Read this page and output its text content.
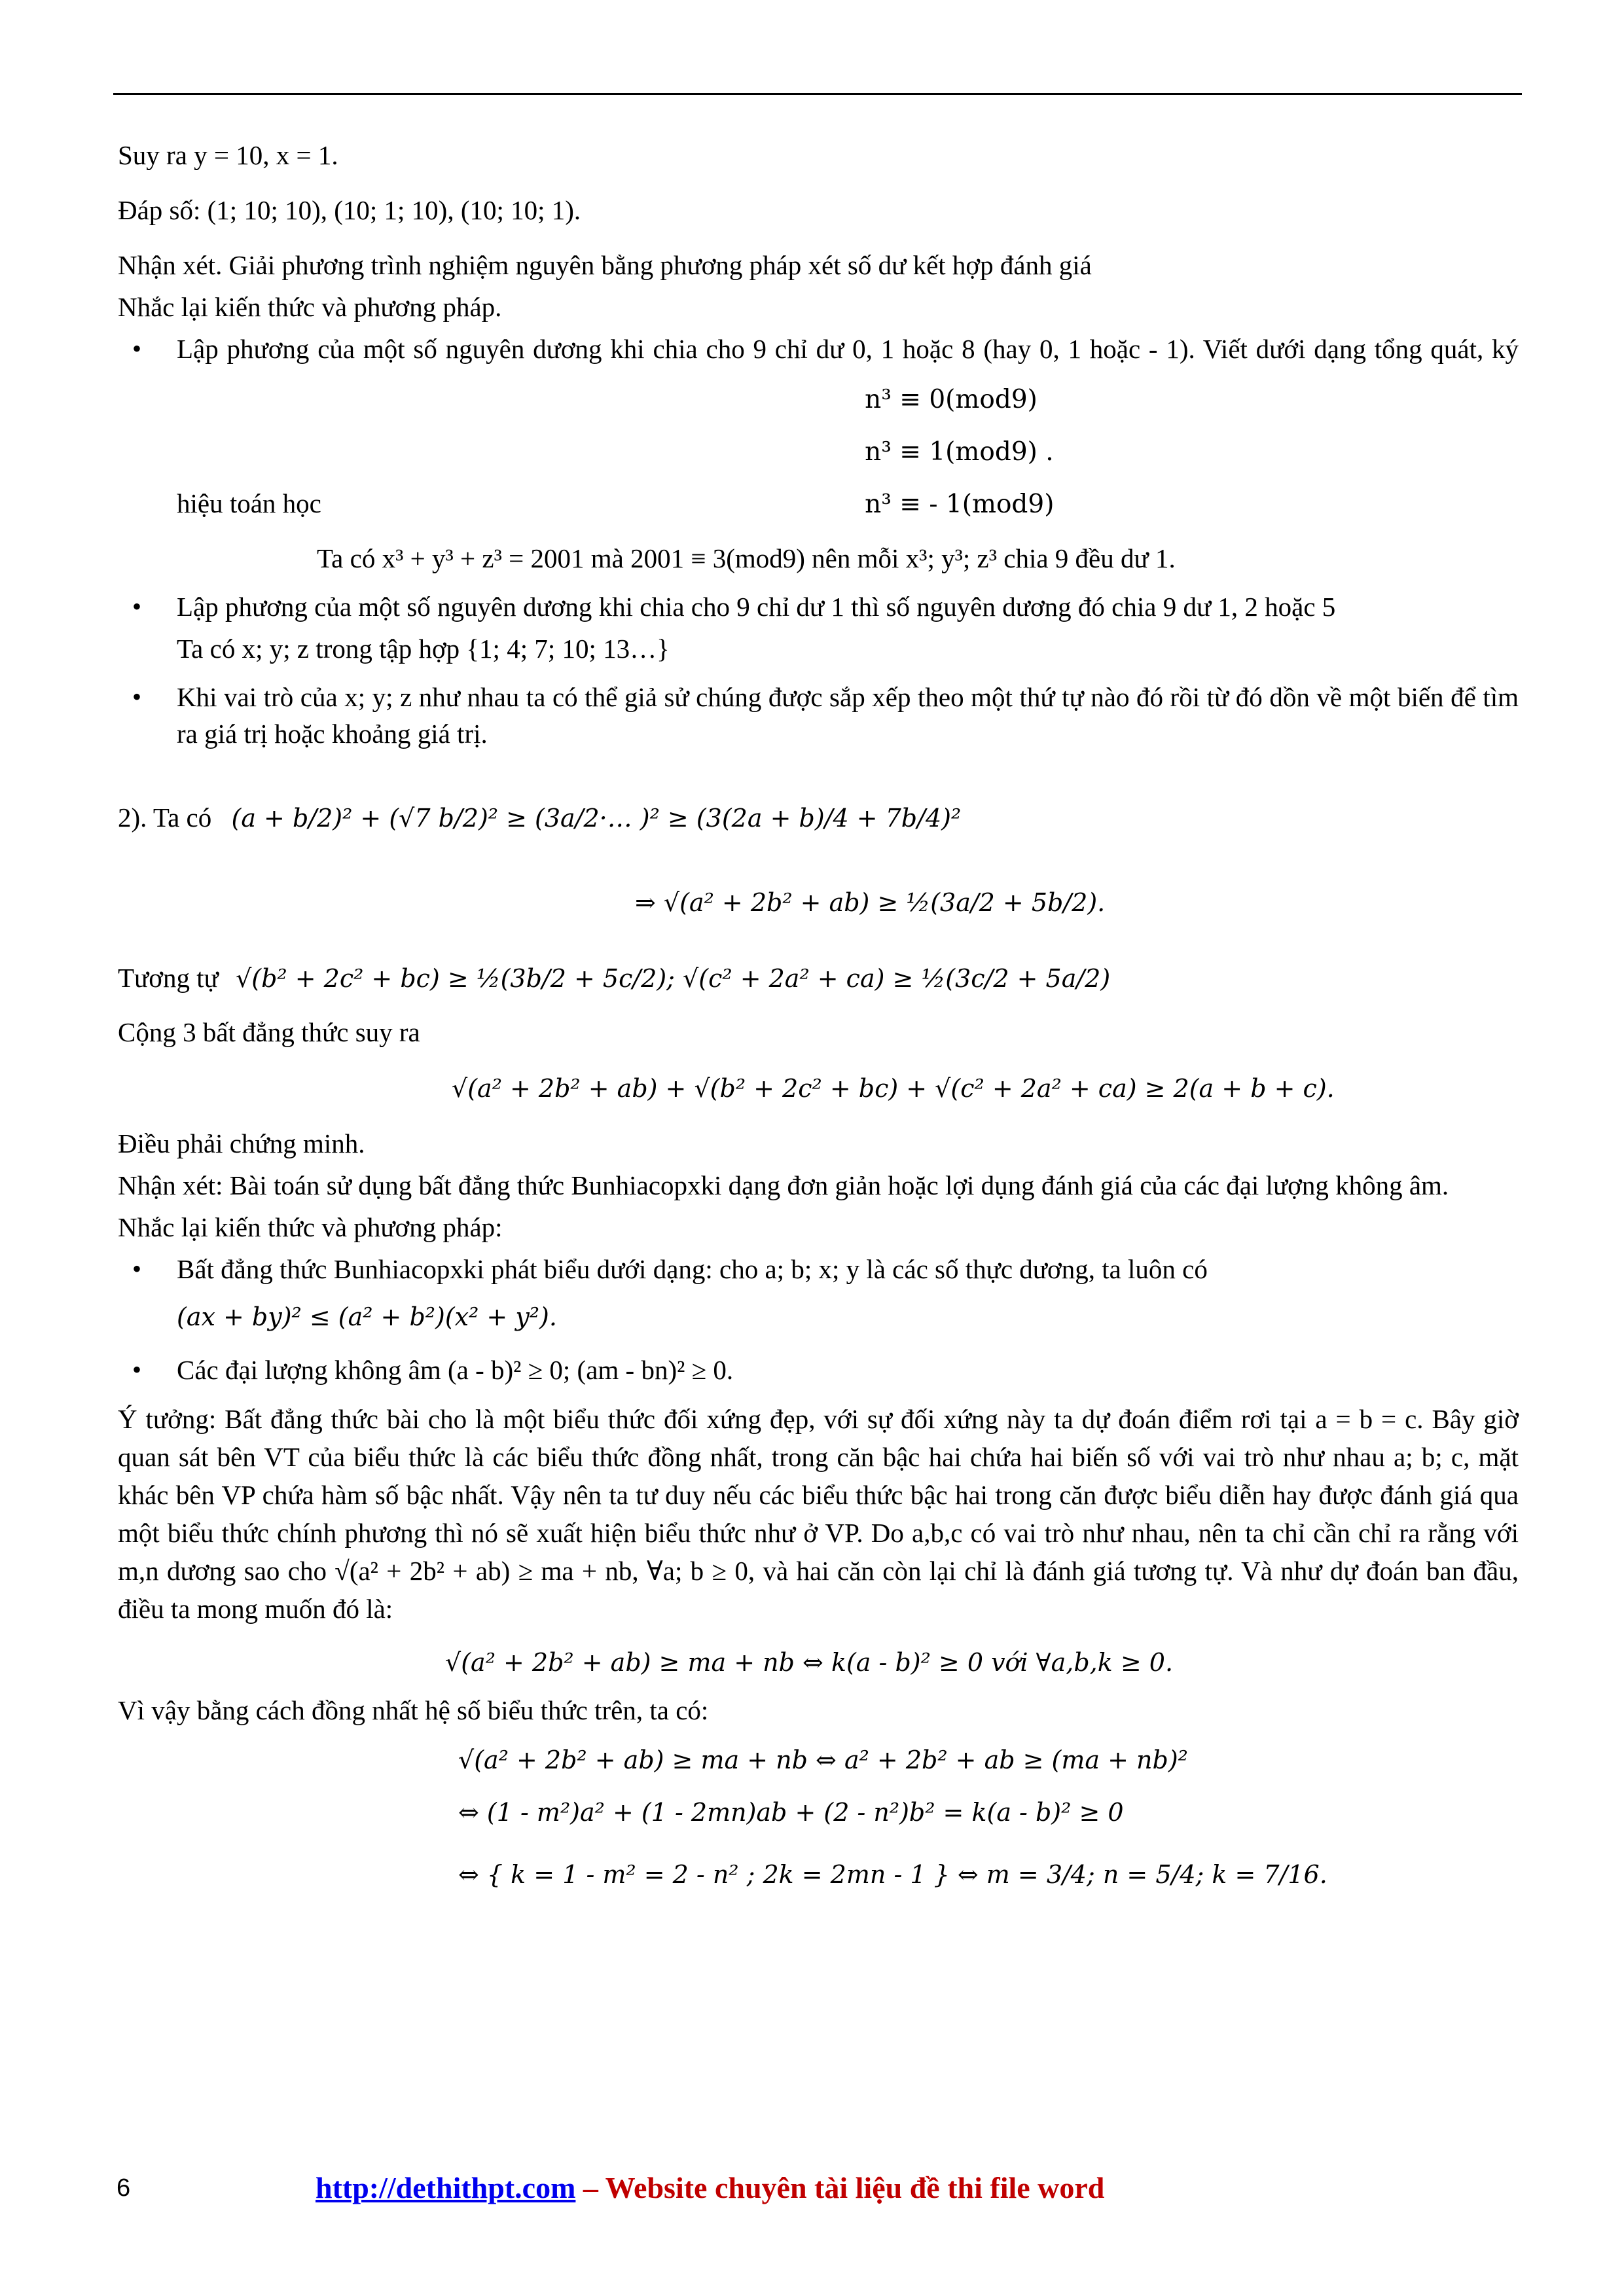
Suy ra y = 10, x = 1.

Đáp số: (1; 10; 10), (10; 1; 10), (10; 10; 1).

Nhận xét. Giải phương trình nghiệm nguyên bằng phương pháp xét số dư kết hợp đánh giá

Nhắc lại kiến thức và phương pháp.

• Lập phương của một số nguyên dương khi chia cho 9 chỉ dư 0, 1 hoặc 8 (hay 0, 1 hoặc - 1). Viết dưới dạng tổng quát, ký hiệu toán học
n³ ≡ 0(mod9)
n³ ≡ 1(mod9) .
n³ ≡ - 1(mod9)
Ta có x³ + y³ + z³ = 2001 mà 2001 ≡ 3(mod9) nên mỗi x³; y³; z³ chia 9 đều dư 1.
• Lập phương của một số nguyên dương khi chia cho 9 chỉ dư 1 thì số nguyên dương đó chia 9 dư 1, 2 hoặc 5
Ta có x; y; z trong tập hợp {1; 4; 7; 10; 13…}
• Khi vai trò của x; y; z như nhau ta có thể giả sử chúng được sắp xếp theo một thứ tự nào đó rồi từ đó dồn về một biến để tìm ra giá trị hoặc khoảng giá trị.
2). Ta có (a + b/2)² + (√7 b/2)² ≥ (3a/2·… )² ≥ (3(2a + b)/4 + 7b/4)²
⇒ √(a² + 2b² + ab) ≥ ½(3a/2 + 5b/2).
Tương tự √(b² + 2c² + bc) ≥ ½(3b/2 + 5c/2); √(c² + 2a² + ca) ≥ ½(3c/2 + 5a/2)

Cộng 3 bất đẳng thức suy ra

√(a² + 2b² + ab) + √(b² + 2c² + bc) + √(c² + 2a² + ca) ≥ 2(a + b + c).

Điều phải chứng minh.

Nhận xét: Bài toán sử dụng bất đẳng thức Bunhiacopxki dạng đơn giản hoặc lợi dụng đánh giá của các đại lượng không âm.

Nhắc lại kiến thức và phương pháp:

• Bất đẳng thức Bunhiacopxki phát biểu dưới dạng: cho a; b; x; y là các số thực dương, ta luôn có
(ax + by)² ≤ (a² + b²)(x² + y²).
• Các đại lượng không âm (a - b)² ≥ 0; (am - bn)² ≥ 0.

Ý tưởng: Bất đẳng thức bài cho là một biểu thức đối xứng đẹp, với sự đối xứng này ta dự đoán điểm rơi tại a = b = c. Bây giờ quan sát bên VT của biểu thức là các biểu thức đồng nhất, trong căn bậc hai chứa hai biến số với vai trò như nhau a; b; c, mặt khác bên VP chứa hàm số bậc nhất. Vậy nên ta tư duy nếu các biểu thức bậc hai trong căn được biểu diễn hay được đánh giá qua một biểu thức chính phương thì nó sẽ xuất hiện biểu thức như ở VP. Do a,b,c có vai trò như nhau, nên ta chỉ cần chỉ ra rằng với m,n dương sao cho √(a² + 2b² + ab) ≥ ma + nb, ∀a; b ≥ 0, và hai căn còn lại chỉ là đánh giá tương tự. Và như dự đoán ban đầu, điều ta mong muốn đó là:

√(a² + 2b² + ab) ≥ ma + nb ⇔ k(a - b)² ≥ 0 với ∀a,b,k ≥ 0.

Vì vậy bằng cách đồng nhất hệ số biểu thức trên, ta có:

√(a² + 2b² + ab) ≥ ma + nb ⇔ a² + 2b² + ab ≥ (ma + nb)²
⇔ (1 - m²)a² + (1 - 2mn)ab + (2 - n²)b² = k(a - b)² ≥ 0
⇔ { k = 1 - m² = 2 - n² ; 2k = 2mn - 1 } ⇔ m = 3/4; n = 5/4; k = 7/16.
6	http://dethithpt.com – Website chuyên tài liệu đề thi file word
